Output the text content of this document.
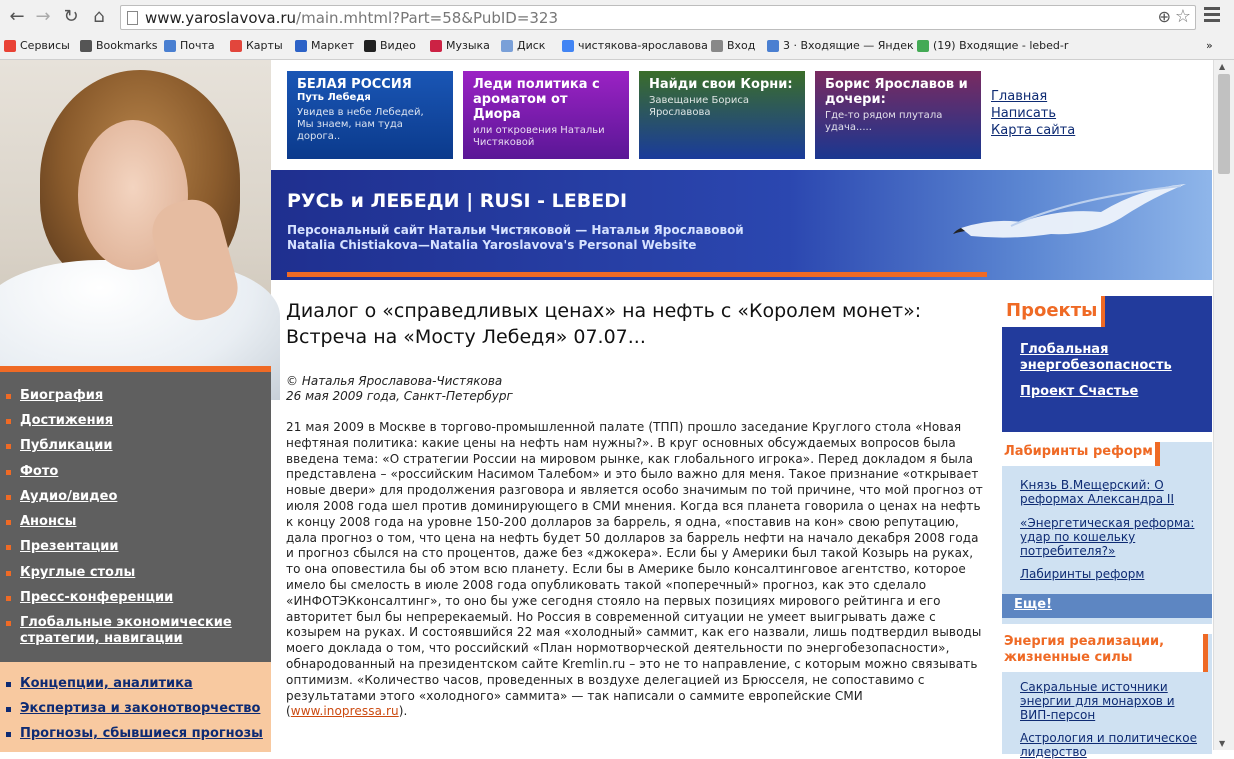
← → ↻ ⌂	www.yaroslavova.ru/main.mhtml?Part=58&PubID=323	⊕ ☆
Сервисы Bookmarks Почта	Карты	Маркет Видео	Музыка Диск	чистякова-ярославова Вход	3 · Входящие — Яндек (19) Входящие - lebed-r	»
Биография
Достижения
Публикации
Фото
Аудио/видео
Анонсы
Презентации
Круглые столы
Пресс-конференции
Глобальные экономические
стратегии, навигации
Концепции, аналитика
Экспертиза и законотворчество
Прогнозы, сбывшиеся прогнозы
БЕЛАЯ РОССИЯ
Путь Лебедя
Увидев в небе Лебедей, Мы знаем, нам туда дорога..
Леди политика с ароматом от Диора
или откровения Натальи Чистяковой
Найди свои Корни:
Завещание Бориса Ярославова
Борис Ярославов и дочери:
Где-то рядом плутала удача.....
Главная
Написать
Карта сайта
РУСЬ и ЛЕБЕДИ | RUSI - LEBEDI
Персональный сайт Натальи Чистяковой — Натальи Ярославовой
Natalia Chistiakova—Natalia Yaroslavova's Personal Website
Диалог о «справедливых ценах» на нефть с «Королем монет»: Встреча на «Мосту Лебедя» 07.07...
© Наталья Ярославова-Чистякова
26 мая 2009 года, Санкт-Петербург
21 мая 2009 в Москве в торгово-промышленной палате (ТПП) прошло заседание Круглого стола «Новая нефтяная политика: какие цены на нефть нам нужны?». В круг основных обсуждаемых вопросов была введена тема: «О стратегии России на мировом рынке, как глобального игрока». Перед докладом я была представлена – «российским Насимом Талебом» и это было важно для меня. Такое признание «открывает новые двери» для продолжения разговора и является особо значимым по той причине, что мой прогноз от июля 2008 года шел против доминирующего в СМИ мнения. Когда вся планета говорила о ценах на нефть к концу 2008 года на уровне 150-200 долларов за баррель, я одна, «поставив на кон» свою репутацию, дала прогноз о том, что цена на нефть будет 50 долларов за баррель нефти на начало декабря 2008 года и прогноз сбылся на сто процентов, даже без «джокера». Если бы у Америки был такой Козырь на руках, то она оповестила бы об этом всю планету. Если бы в Америке было консалтинговое агентство, которое имело бы смелость в июле 2008 года опубликовать такой «поперечный» прогноз, как это сделало «ИНФОТЭКконсалтинг», то оно бы уже сегодня стояло на первых позициях мирового рейтинга и его авторитет был бы непререкаемый. Но Россия в современной ситуации не умеет выигрывать даже с козырем на руках. И состоявшийся 22 мая «холодный» саммит, как его назвали, лишь подтвердил выводы моего доклада о том, что российский «План нормотворческой деятельности по энергобезопасности», обнародованный на президентском сайте Kremlin.ru – это не то направление, с которым можно связывать оптимизм. «Количество часов, проведенных в воздухе делегацией из Брюсселя, не сопоставимо с результатами этого «холодного» саммита» — так написали о саммите европейские СМИ (www.inopressa.ru).
Проекты
Глобальная энергобезопасность
Проект Счастье
Лабиринты реформ
Князь В.Мещерский: О реформах Александра II
«Энергетическая реформа: удар по кошельку потребителя?»
Лабиринты реформ
Еще!
Энергия реализации, жизненные силы
Сакральные источники энергии для монархов и ВИП-персон
Астрология и политическое лидерство
▲
▼
